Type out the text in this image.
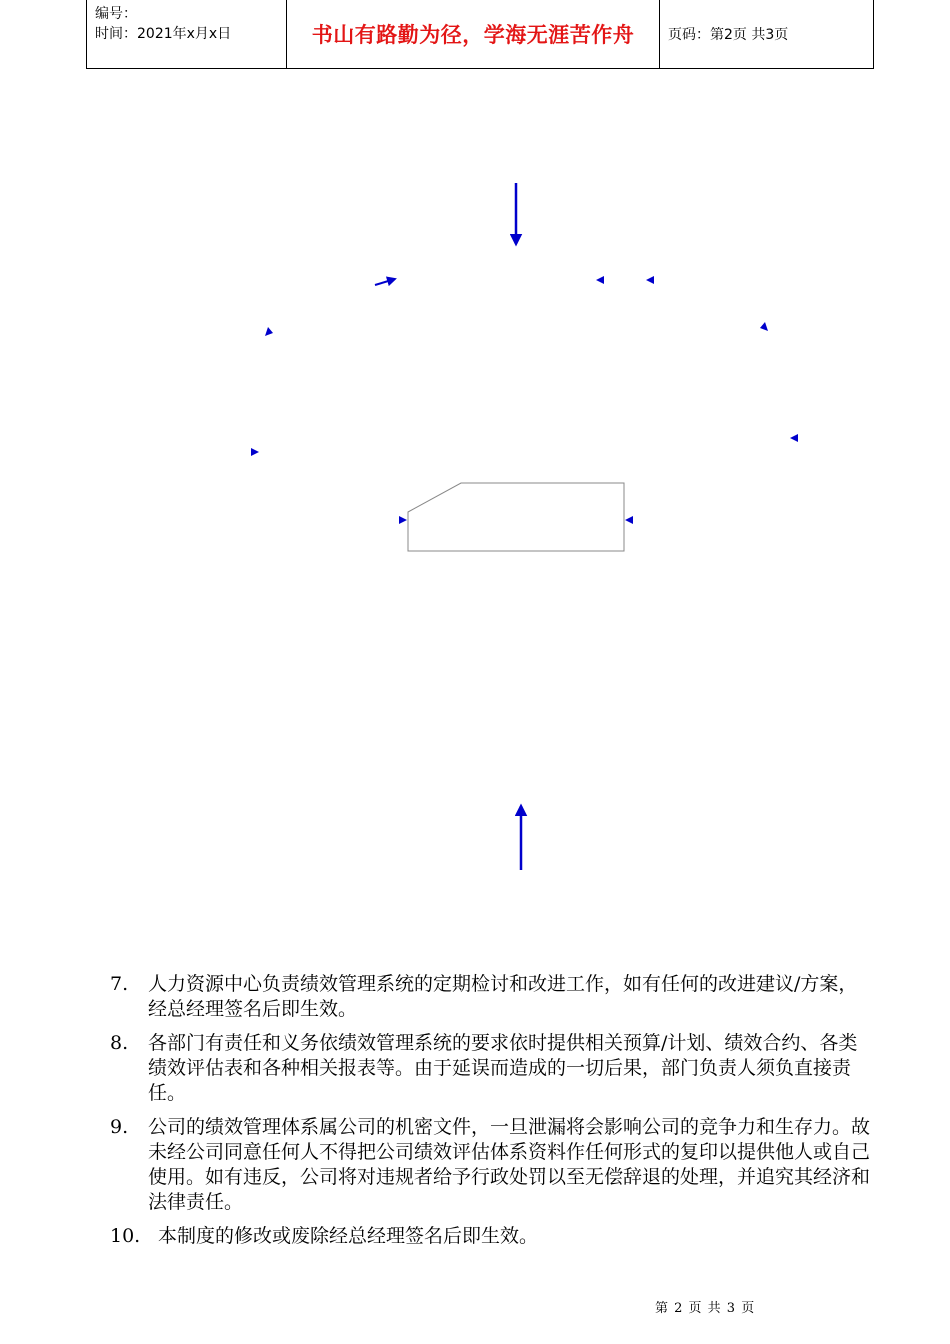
编号：
时间：2021年x月x日	书山有路勤为径，学海无涯苦作舟	页码：第2页 共3页
7.	人力资源中心负责绩效管理系统的定期检讨和改进工作，如有任何的改进建议/方案，经总经理签名后即生效。
8.	各部门有责任和义务依绩效管理系统的要求依时提供相关预算/计划、绩效合约、各类绩效评估表和各种相关报表等。由于延误而造成的一切后果，部门负责人须负直接责任。
9.	公司的绩效管理体系属公司的机密文件，一旦泄漏将会影响公司的竞争力和生存力。故未经公司同意任何人不得把公司绩效评估体系资料作任何形式的复印以提供他人或自己使用。如有违反，公司将对违规者给予行政处罚以至无偿辞退的处理，并追究其经济和法律责任。
10. 本制度的修改或废除经总经理签名后即生效。
第 2 页 共 3 页
